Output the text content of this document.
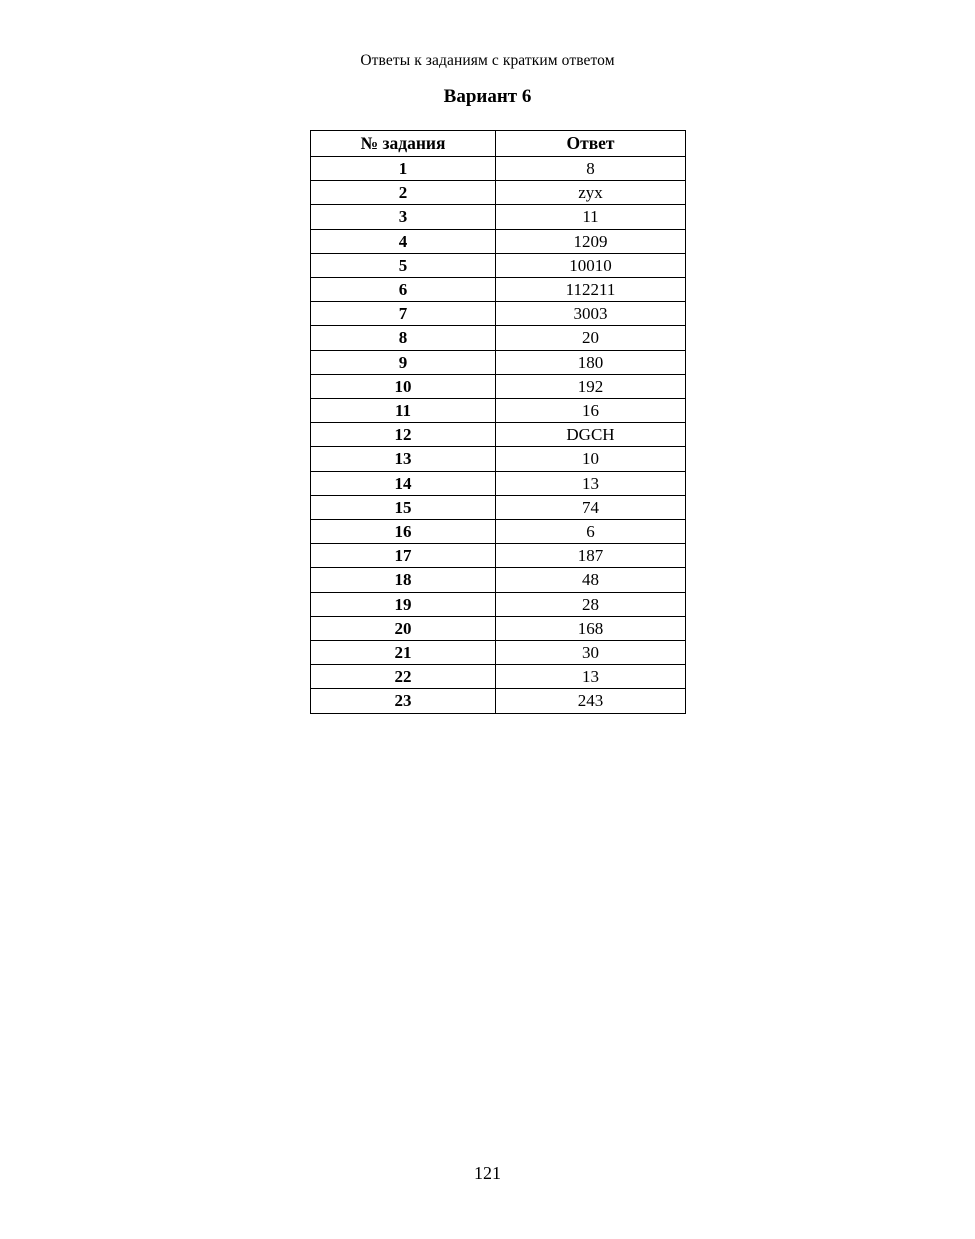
Ответы к заданиям с кратким ответом
Вариант 6
№ задания	Ответ
1	8
2	zyx
3	11
4	1209
5	10010
6	112211
7	3003
8	20
9	180
10	192
11	16
12	DGCH
13	10
14	13
15	74
16	6
17	187
18	48
19	28
20	168
21	30
22	13
23	243
121
